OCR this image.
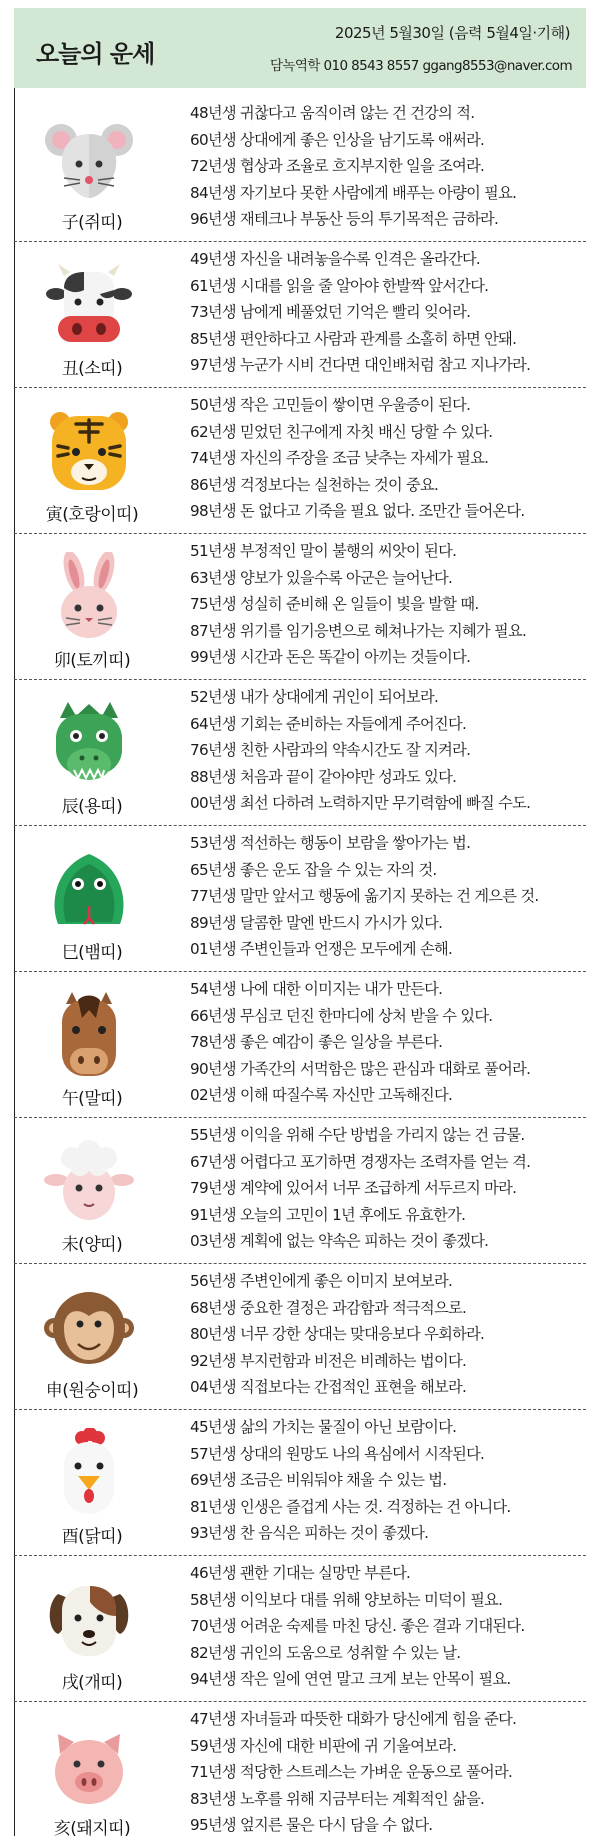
오늘의 운세
2025년 5월30일 (음력 5월4일·기해)
담녹역학 010 8543 8557 ggang8553@naver.com
子(쥐띠)
48년생 귀찮다고 움직이려 않는 건 건강의 적.
60년생 상대에게 좋은 인상을 남기도록 애써라.
72년생 협상과 조율로 흐지부지한 일을 조여라.
84년생 자기보다 못한 사람에게 배푸는 아량이 필요.
96년생 재테크나 부동산 등의 투기목적은 금하라.
丑(소띠)
49년생 자신을 내려놓을수록 인격은 올라간다.
61년생 시대를 읽을 줄 알아야 한발짝 앞서간다.
73년생 남에게 베풀었던 기억은 빨리 잊어라.
85년생 편안하다고 사람과 관계를 소홀히 하면 안돼.
97년생 누군가 시비 건다면 대인배처럼 참고 지나가라.
寅(호랑이띠)
50년생 작은 고민들이 쌓이면 우울증이 된다.
62년생 믿었던 친구에게 자칫 배신 당할 수 있다.
74년생 자신의 주장을 조금 낮추는 자세가 필요.
86년생 걱정보다는 실천하는 것이 중요.
98년생 돈 없다고 기죽을 필요 없다. 조만간 들어온다.
卯(토끼띠)
51년생 부정적인 말이 불행의 씨앗이 된다.
63년생 양보가 있을수록 아군은 늘어난다.
75년생 성실히 준비해 온 일들이 빛을 발할 때.
87년생 위기를 임기응변으로 헤쳐나가는 지혜가 필요.
99년생 시간과 돈은 똑같이 아끼는 것들이다.
辰(용띠)
52년생 내가 상대에게 귀인이 되어보라.
64년생 기회는 준비하는 자들에게 주어진다.
76년생 친한 사람과의 약속시간도 잘 지켜라.
88년생 처음과 끝이 같아야만 성과도 있다.
00년생 최선 다하려 노력하지만 무기력함에 빠질 수도.
巳(뱀띠)
53년생 적선하는 행동이 보람을 쌓아가는 법.
65년생 좋은 운도 잡을 수 있는 자의 것.
77년생 말만 앞서고 행동에 옮기지 못하는 건 게으른 것.
89년생 달콤한 말엔 반드시 가시가 있다.
01년생 주변인들과 언쟁은 모두에게 손해.
午(말띠)
54년생 나에 대한 이미지는 내가 만든다.
66년생 무심코 던진 한마디에 상처 받을 수 있다.
78년생 좋은 예감이 좋은 일상을 부른다.
90년생 가족간의 서먹함은 많은 관심과 대화로 풀어라.
02년생 이해 따질수록 자신만 고독해진다.
未(양띠)
55년생 이익을 위해 수단 방법을 가리지 않는 건 금물.
67년생 어렵다고 포기하면 경쟁자는 조력자를 얻는 격.
79년생 계약에 있어서 너무 조급하게 서두르지 마라.
91년생 오늘의 고민이 1년 후에도 유효한가.
03년생 계획에 없는 약속은 피하는 것이 좋겠다.
申(원숭이띠)
56년생 주변인에게 좋은 이미지 보여보라.
68년생 중요한 결정은 과감함과 적극적으로.
80년생 너무 강한 상대는 맞대응보다 우회하라.
92년생 부지런함과 비전은 비례하는 법이다.
04년생 직접보다는 간접적인 표현을 해보라.
酉(닭띠)
45년생 삶의 가치는 물질이 아닌 보람이다.
57년생 상대의 원망도 나의 욕심에서 시작된다.
69년생 조금은 비워둬야 채울 수 있는 법.
81년생 인생은 즐겁게 사는 것. 걱정하는 건 아니다.
93년생 찬 음식은 피하는 것이 좋겠다.
戌(개띠)
46년생 괜한 기대는 실망만 부른다.
58년생 이익보다 대를 위해 양보하는 미덕이 필요.
70년생 어려운 숙제를 마친 당신. 좋은 결과 기대된다.
82년생 귀인의 도움으로 성취할 수 있는 날.
94년생 작은 일에 연연 말고 크게 보는 안목이 필요.
亥(돼지띠)
47년생 자녀들과 따뜻한 대화가 당신에게 힘을 준다.
59년생 자신에 대한 비판에 귀 기울여보라.
71년생 적당한 스트레스는 가벼운 운동으로 풀어라.
83년생 노후를 위해 지금부터는 계획적인 삶을.
95년생 엎지른 물은 다시 담을 수 없다.
